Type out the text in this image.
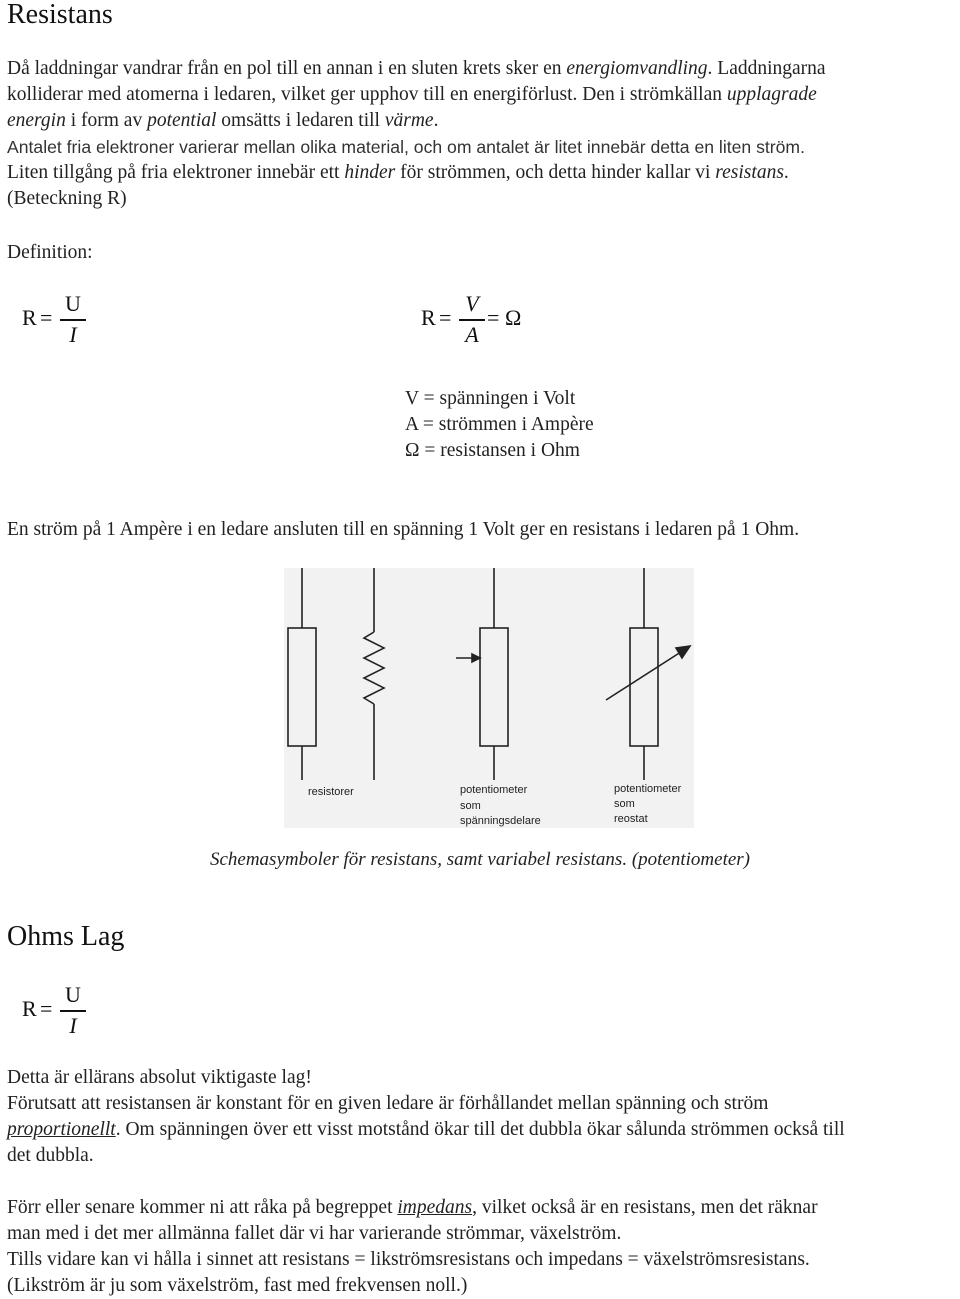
Resistans
Då laddningar vandrar från en pol till en annan i en sluten krets sker en energiomvandling. Laddningarna
kolliderar med atomerna i ledaren, vilket ger upphov till en energiförlust. Den i strömkällan upplagrade
energin i form av potential omsätts i ledaren till värme.
Antalet fria elektroner varierar mellan olika material, och om antalet är litet innebär detta en liten ström.
Liten tillgång på fria elektroner innebär ett hinder för strömmen, och detta hinder kallar vi resistans.
(Beteckning R)
Definition:
R =
U
I
R =
V
A
= Ω
V = spänningen i Volt
A = strömmen i Ampère
Ω = resistansen i Ohm
En ström på 1 Ampère i en ledare ansluten till en spänning 1 Volt ger en resistans i ledaren på 1 Ohm.
resistorer	potentiometer
som
spänningsdelare
potentiometer
som
reostat
Schemasymboler för resistans, samt variabel resistans. (potentiometer)
Ohms Lag
R =
U
I
Detta är ellärans absolut viktigaste lag!
Förutsatt att resistansen är konstant för en given ledare är förhållandet mellan spänning och ström
proportionellt. Om spänningen över ett visst motstånd ökar till det dubbla ökar sålunda strömmen också till
det dubbla.
Förr eller senare kommer ni att råka på begreppet impedans, vilket också är en resistans, men det räknar
man med i det mer allmänna fallet där vi har varierande strömmar, växelström.
Tills vidare kan vi hålla i sinnet att resistans = likströmsresistans och impedans = växelströmsresistans.
(Likström är ju som växelström, fast med frekvensen noll.)
